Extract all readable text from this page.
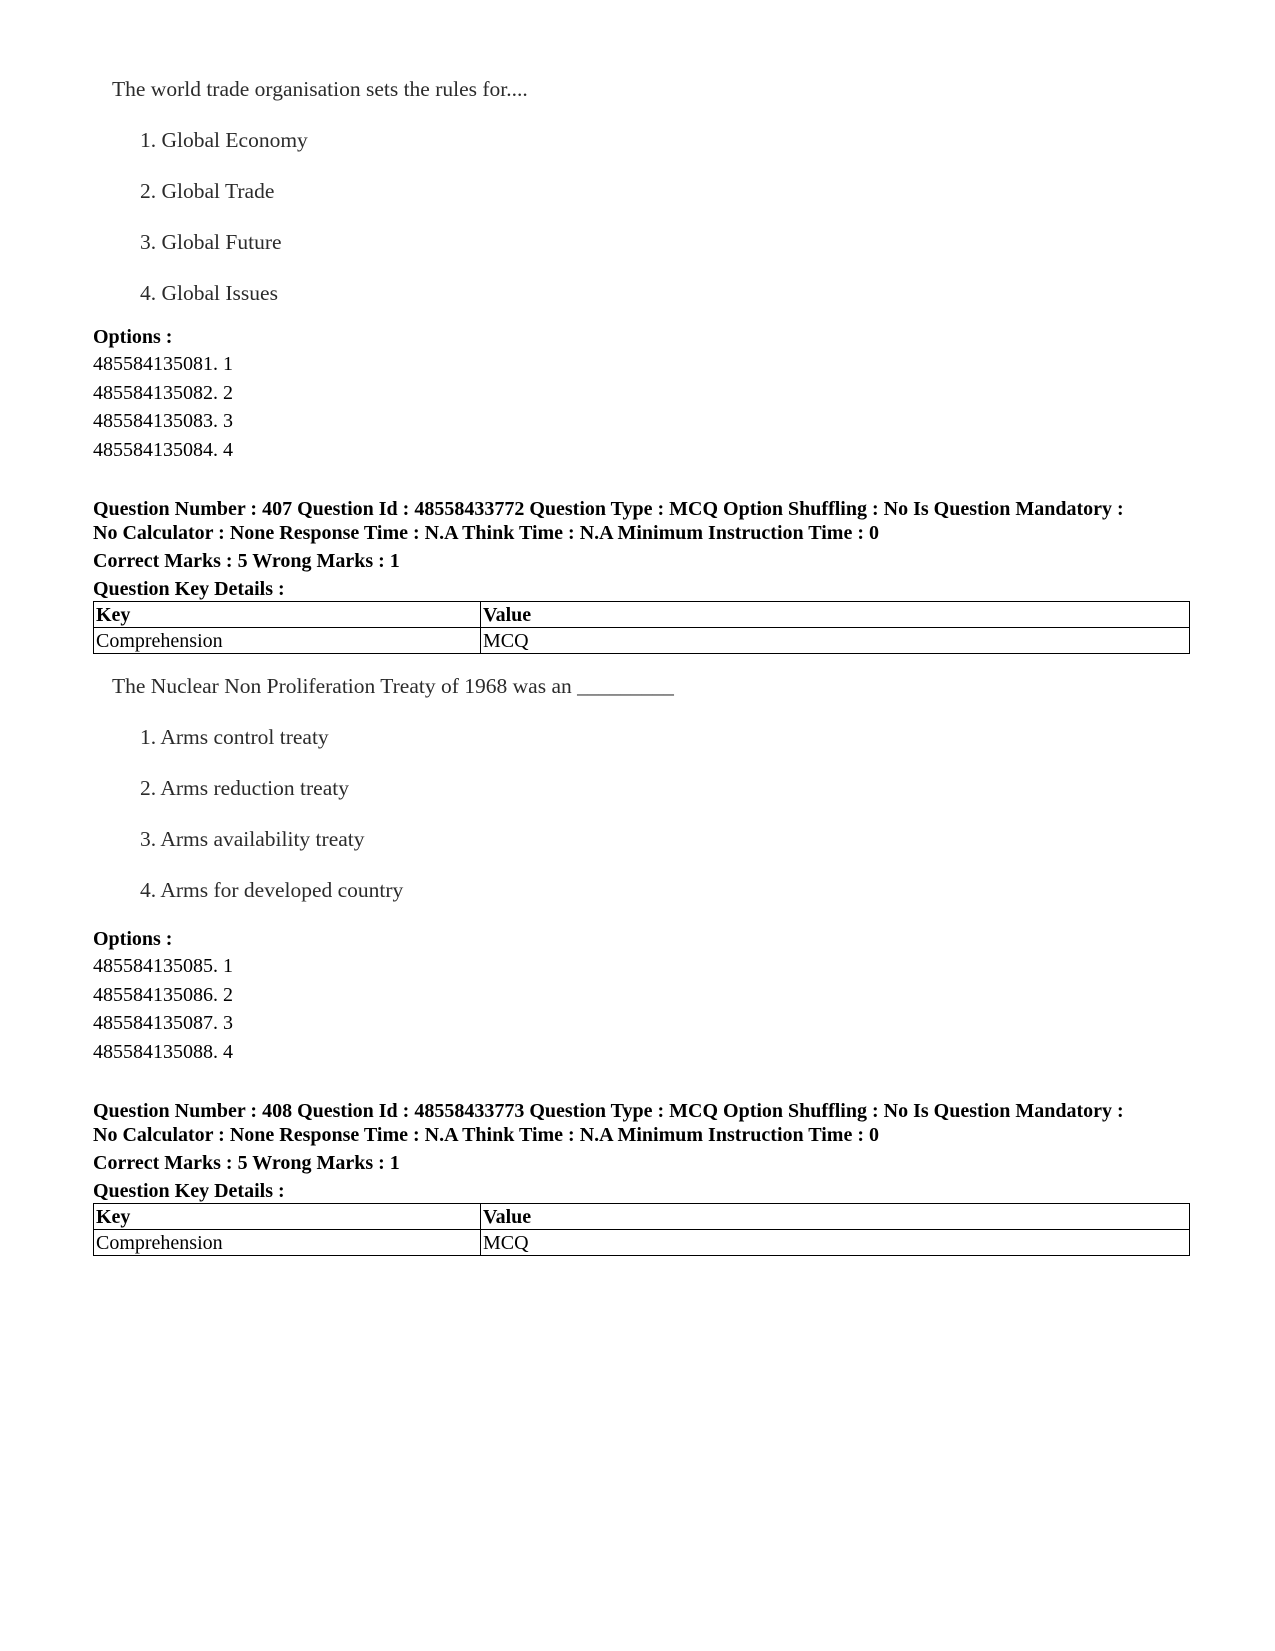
The world trade organisation sets the rules for....

1. Global Economy
2. Global Trade
3. Global Future
4. Global Issues
Options :
485584135081. 1
485584135082. 2
485584135083. 3
485584135084. 4
Question Number : 407 Question Id : 48558433772 Question Type : MCQ Option Shuffling : No Is Question Mandatory :
No Calculator : None Response Time : N.A Think Time : N.A Minimum Instruction Time : 0
Correct Marks : 5 Wrong Marks : 1
Question Key Details :
Key	Value
Comprehension	MCQ

The Nuclear Non Proliferation Treaty of 1968 was an _________

1. Arms control treaty
2. Arms reduction treaty
3. Arms availability treaty
4. Arms for developed country
Options :
485584135085. 1
485584135086. 2
485584135087. 3
485584135088. 4
Question Number : 408 Question Id : 48558433773 Question Type : MCQ Option Shuffling : No Is Question Mandatory :
No Calculator : None Response Time : N.A Think Time : N.A Minimum Instruction Time : 0
Correct Marks : 5 Wrong Marks : 1
Question Key Details :
Key	Value
Comprehension	MCQ
